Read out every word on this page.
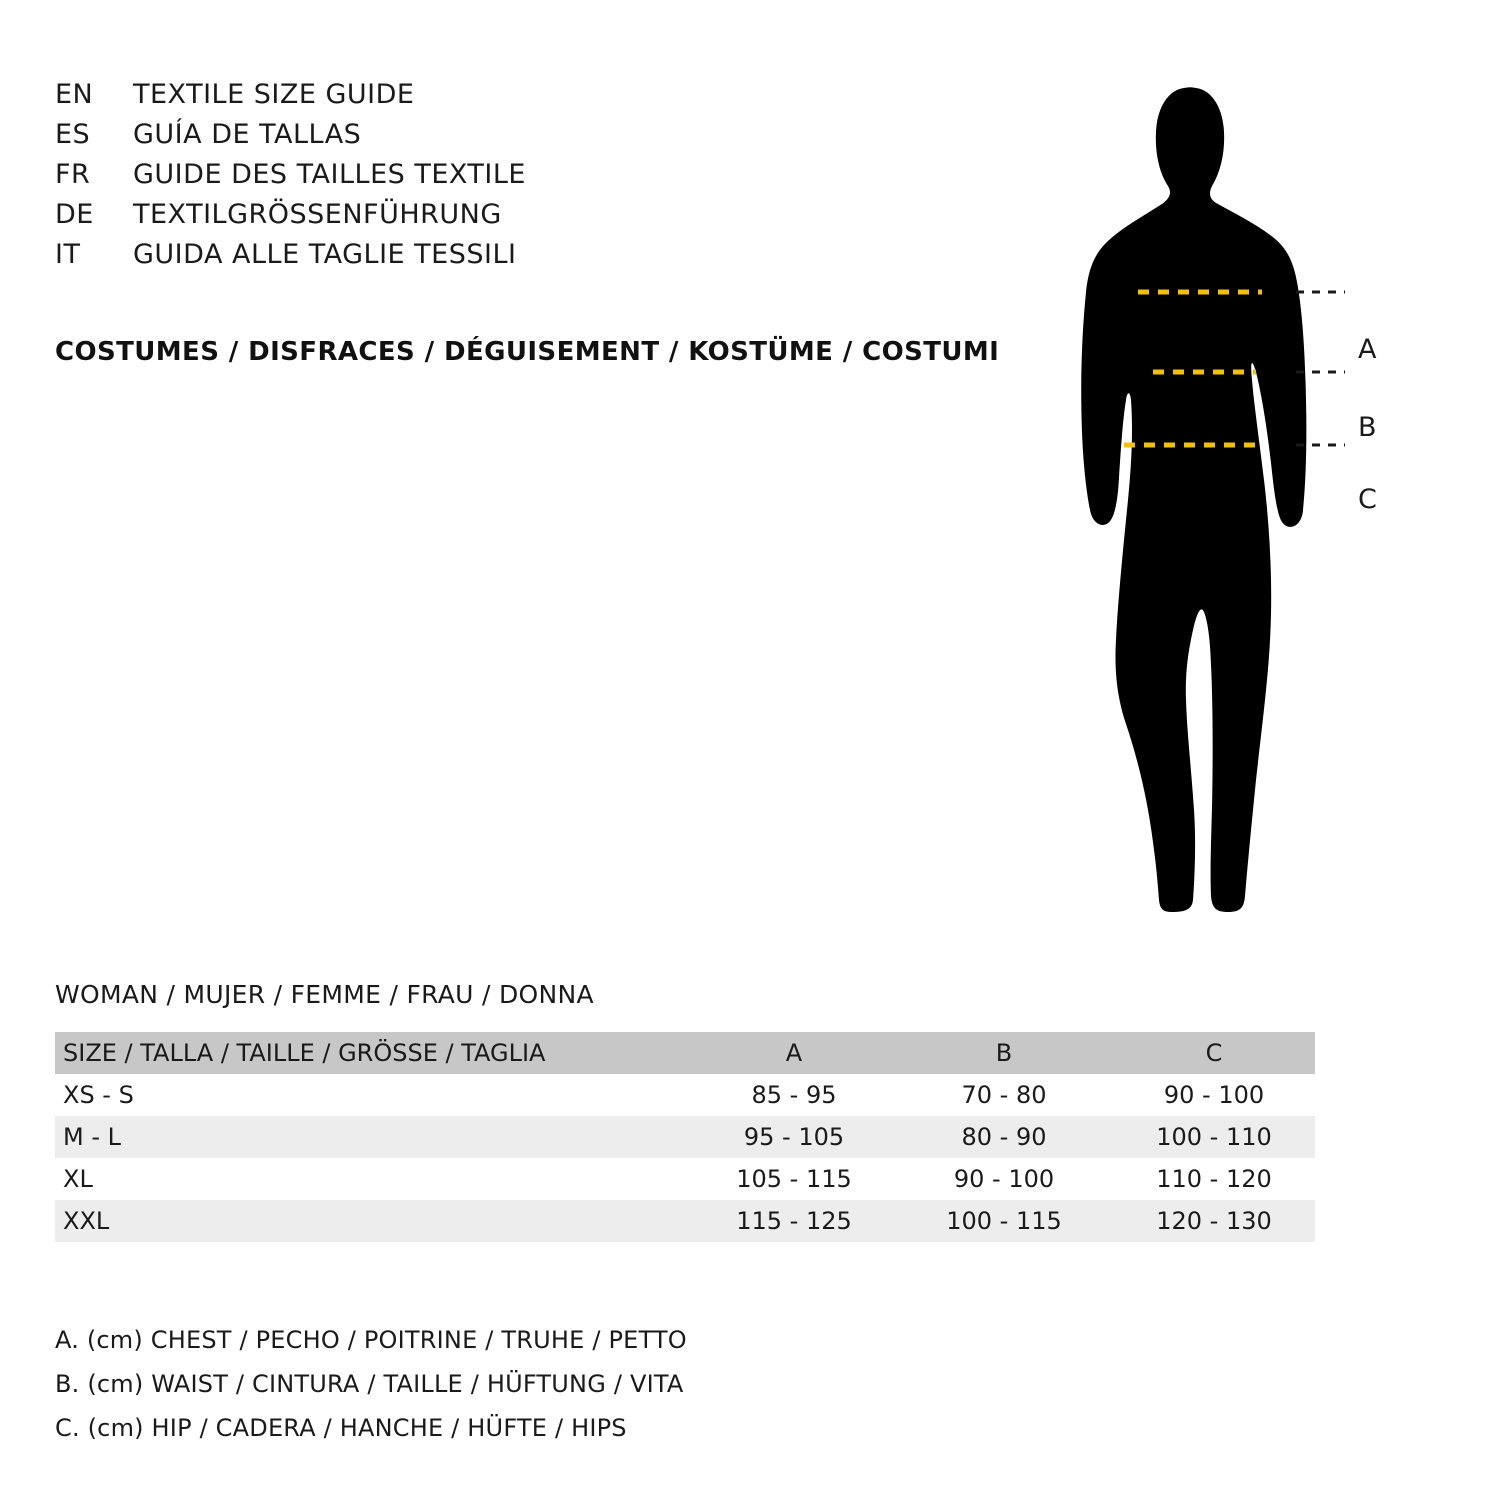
EN	TEXTILE SIZE GUIDE
ES	GUÍA DE TALLAS
FR	GUIDE DES TAILLES TEXTILE
DE	TEXTILGRÖSSENFÜHRUNG
IT	GUIDA ALLE TAGLIE TESSILI
COSTUMES / DISFRACES / DÉGUISEMENT / KOSTÜME / COSTUMI	A
B
C
WOMAN / MUJER / FEMME / FRAU / DONNA
SIZE / TALLA / TAILLE / GRÖSSE / TAGLIA	A	B	C
XS - S	85 - 95	70 - 80	90 - 100
M - L	95 - 105	80 - 90	100 - 110
XL	105 - 115	90 - 100	110 - 120
XXL	115 - 125	100 - 115	120 - 130
A. (cm) CHEST / PECHO / POITRINE / TRUHE / PETTO
B. (cm) WAIST / CINTURA / TAILLE / HÜFTUNG / VITA
C. (cm) HIP / CADERA / HANCHE / HÜFTE / HIPS
